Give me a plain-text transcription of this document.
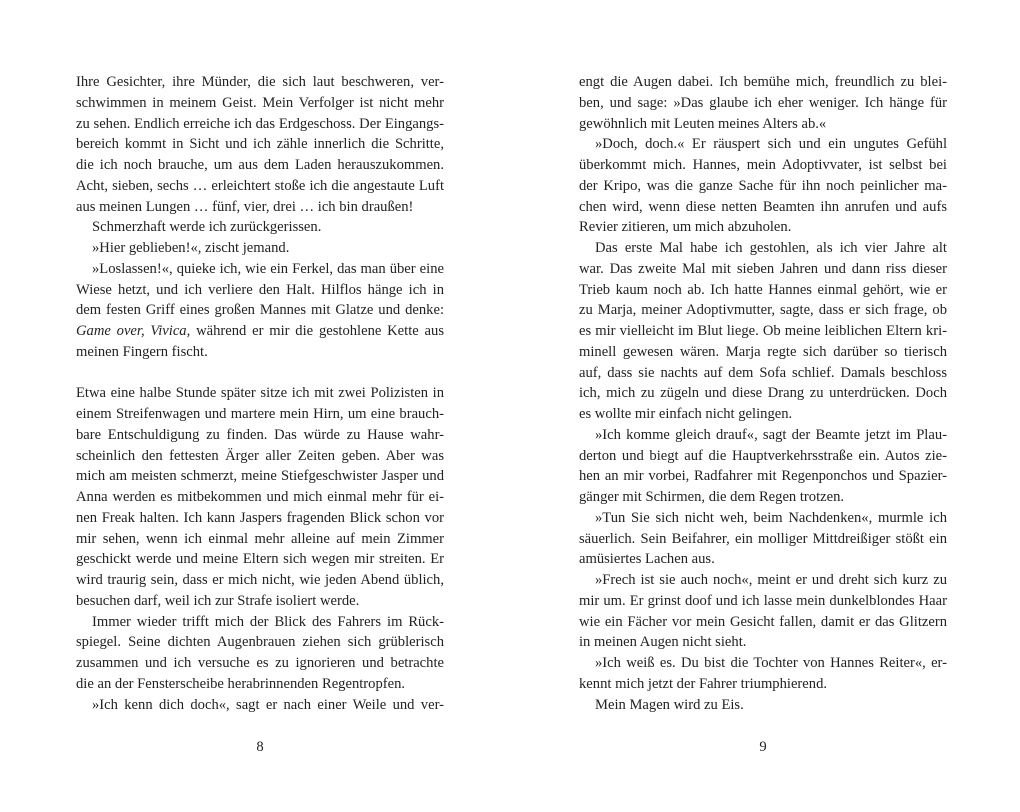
Ihre Gesichter, ihre Münder, die sich laut beschweren, ver-
schwimmen in meinem Geist. Mein Verfolger ist nicht mehr
zu sehen. Endlich erreiche ich das Erdgeschoss. Der Eingangs-
bereich kommt in Sicht und ich zähle innerlich die Schritte,
die ich noch brauche, um aus dem Laden herauszukommen.
Acht, sieben, sechs … erleichtert stoße ich die angestaute Luft
aus meinen Lungen … fünf, vier, drei … ich bin draußen!
Schmerzhaft werde ich zurückgerissen.
»Hier geblieben!«, zischt jemand.
»Loslassen!«, quieke ich, wie ein Ferkel, das man über eine
Wiese hetzt, und ich verliere den Halt. Hilflos hänge ich in
dem festen Griff eines großen Mannes mit Glatze und denke:
Game over, Vivica, während er mir die gestohlene Kette aus
meinen Fingern fischt.
Etwa eine halbe Stunde später sitze ich mit zwei Polizisten in
einem Streifenwagen und martere mein Hirn, um eine brauch-
bare Entschuldigung zu finden. Das würde zu Hause wahr-
scheinlich den fettesten Ärger aller Zeiten geben. Aber was
mich am meisten schmerzt, meine Stiefgeschwister Jasper und
Anna werden es mitbekommen und mich einmal mehr für ei-
nen Freak halten. Ich kann Jaspers fragenden Blick schon vor
mir sehen, wenn ich einmal mehr alleine auf mein Zimmer
geschickt werde und meine Eltern sich wegen mir streiten. Er
wird traurig sein, dass er mich nicht, wie jeden Abend üblich,
besuchen darf, weil ich zur Strafe isoliert werde.
Immer wieder trifft mich der Blick des Fahrers im Rück-
spiegel. Seine dichten Augenbrauen ziehen sich grüblerisch
zusammen und ich versuche es zu ignorieren und betrachte
die an der Fensterscheibe herabrinnenden Regentropfen.
»Ich kenn dich doch«, sagt er nach einer Weile und ver-
engt die Augen dabei. Ich bemühe mich, freundlich zu blei-
ben, und sage: »Das glaube ich eher weniger. Ich hänge für
gewöhnlich mit Leuten meines Alters ab.«
»Doch, doch.« Er räuspert sich und ein ungutes Gefühl
überkommt mich. Hannes, mein Adoptivvater, ist selbst bei
der Kripo, was die ganze Sache für ihn noch peinlicher ma-
chen wird, wenn diese netten Beamten ihn anrufen und aufs
Revier zitieren, um mich abzuholen.
Das erste Mal habe ich gestohlen, als ich vier Jahre alt
war. Das zweite Mal mit sieben Jahren und dann riss dieser
Trieb kaum noch ab. Ich hatte Hannes einmal gehört, wie er
zu Marja, meiner Adoptivmutter, sagte, dass er sich frage, ob
es mir vielleicht im Blut liege. Ob meine leiblichen Eltern kri-
minell gewesen wären. Marja regte sich darüber so tierisch
auf, dass sie nachts auf dem Sofa schlief. Damals beschloss
ich, mich zu zügeln und diese Drang zu unterdrücken. Doch
es wollte mir einfach nicht gelingen.
»Ich komme gleich drauf«, sagt der Beamte jetzt im Plau-
derton und biegt auf die Hauptverkehrsstraße ein. Autos zie-
hen an mir vorbei, Radfahrer mit Regenponchos und Spazier-
gänger mit Schirmen, die dem Regen trotzen.
»Tun Sie sich nicht weh, beim Nachdenken«, murmle ich
säuerlich. Sein Beifahrer, ein molliger Mittdreißiger stößt ein
amüsiertes Lachen aus.
»Frech ist sie auch noch«, meint er und dreht sich kurz zu
mir um. Er grinst doof und ich lasse mein dunkelblondes Haar
wie ein Fächer vor mein Gesicht fallen, damit er das Glitzern
in meinen Augen nicht sieht.
»Ich weiß es. Du bist die Tochter von Hannes Reiter«, er-
kennt mich jetzt der Fahrer triumphierend.
Mein Magen wird zu Eis.
8	9
